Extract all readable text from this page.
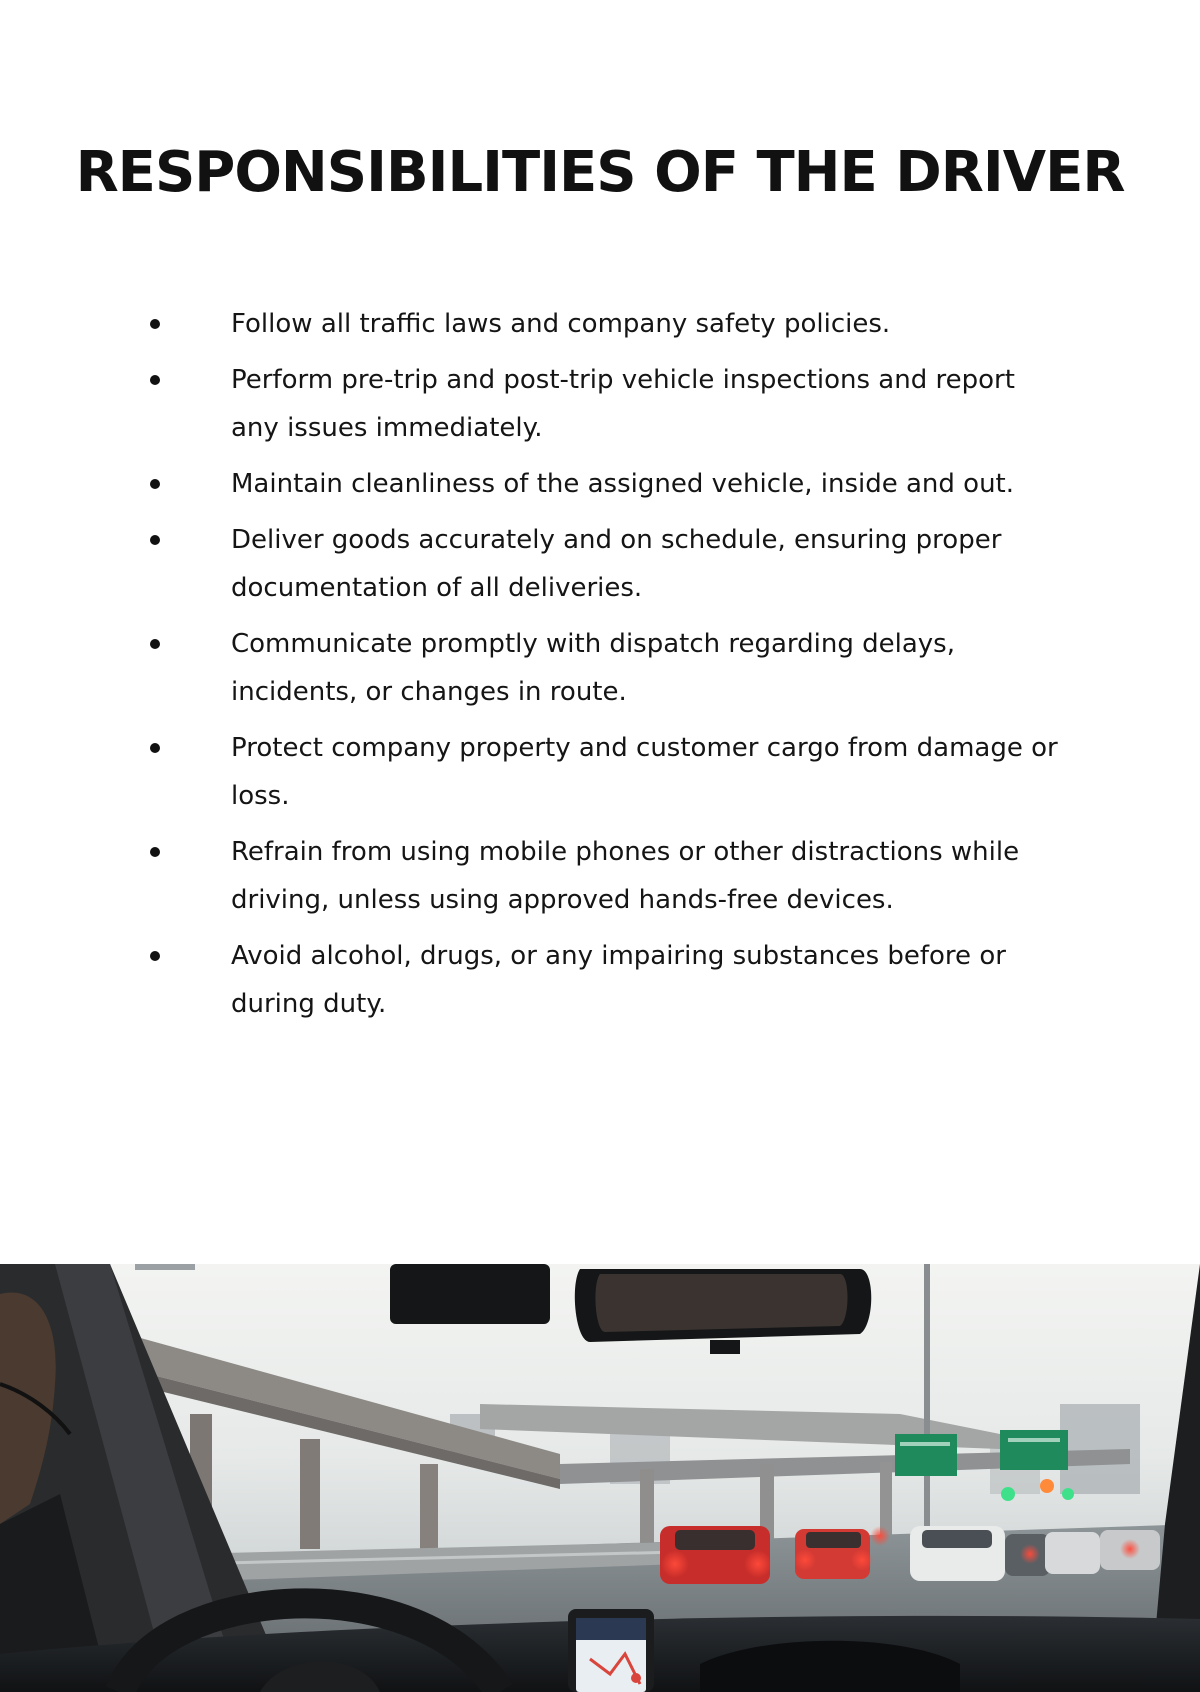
RESPONSIBILITIES OF THE DRIVER
Follow all traffic laws and company safety policies.
Perform pre-trip and post-trip vehicle inspections and report any issues immediately.
Maintain cleanliness of the assigned vehicle, inside and out.
Deliver goods accurately and on schedule, ensuring proper documentation of all deliveries.
Communicate promptly with dispatch regarding delays, incidents, or changes in route.
Protect company property and customer cargo from damage or loss.
Refrain from using mobile phones or other distractions while driving, unless using approved hands-free devices.
Avoid alcohol, drugs, or any impairing substances before or during duty.
